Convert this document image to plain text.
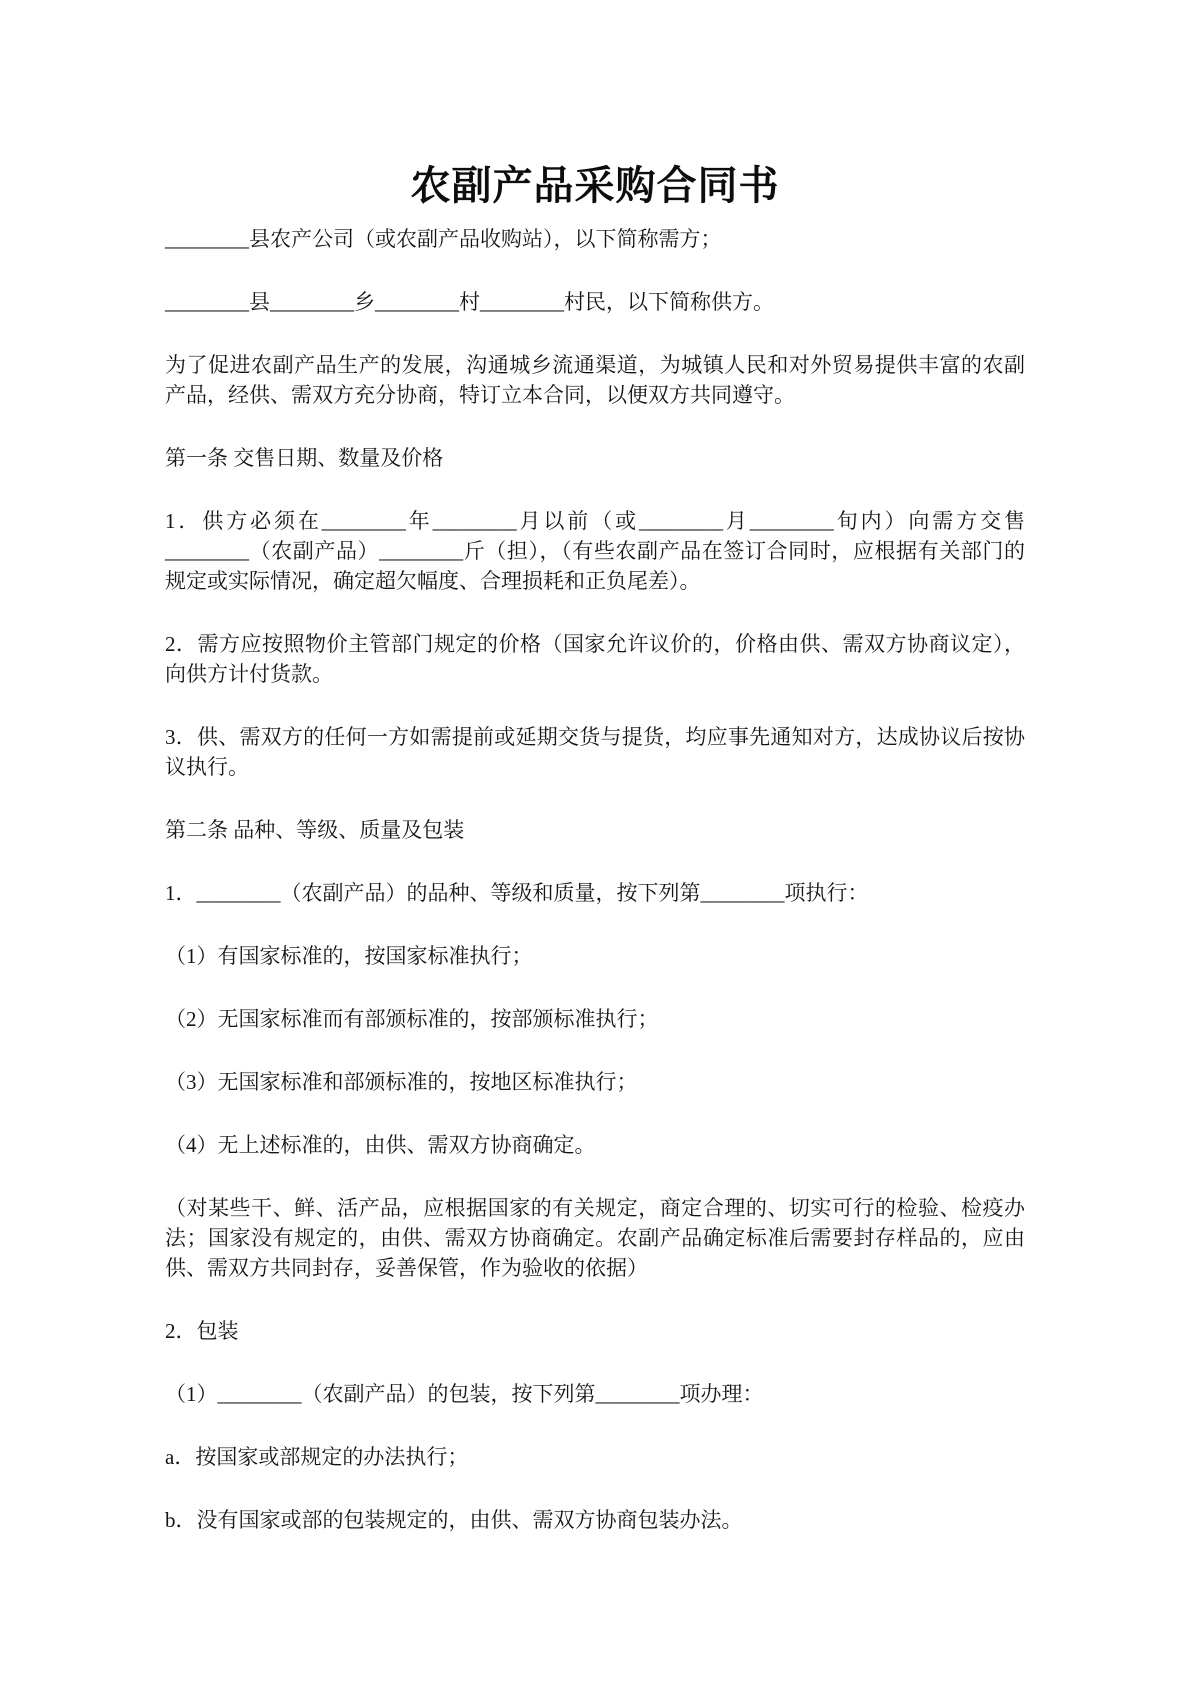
农副产品采购合同书

________县农产公司（或农副产品收购站），以下简称需方；

________县________乡________村________村民，以下简称供方。

为了促进农副产品生产的发展，沟通城乡流通渠道，为城镇人民和对外贸易提供丰富的农副产品，经供、需双方充分协商，特订立本合同，以便双方共同遵守。

第一条 交售日期、数量及价格

1．供方必须在________年________月以前（或________月________旬内）向需方交售________（农副产品）________斤（担），（有些农副产品在签订合同时，应根据有关部门的规定或实际情况，确定超欠幅度、合理损耗和正负尾差）。

2．需方应按照物价主管部门规定的价格（国家允许议价的，价格由供、需双方协商议定），向供方计付货款。

3．供、需双方的任何一方如需提前或延期交货与提货，均应事先通知对方，达成协议后按协议执行。

第二条 品种、等级、质量及包装

1．________（农副产品）的品种、等级和质量，按下列第________项执行：

（1）有国家标准的，按国家标准执行；

（2）无国家标准而有部颁标准的，按部颁标准执行；

（3）无国家标准和部颁标准的，按地区标准执行；

（4）无上述标准的，由供、需双方协商确定。

（对某些干、鲜、活产品，应根据国家的有关规定，商定合理的、切实可行的检验、检疫办法；国家没有规定的，由供、需双方协商确定。农副产品确定标准后需要封存样品的，应由供、需双方共同封存，妥善保管，作为验收的依据）

2．包装

（1）________（农副产品）的包装，按下列第________项办理：

a．按国家或部规定的办法执行；

b．没有国家或部的包装规定的，由供、需双方协商包装办法。
